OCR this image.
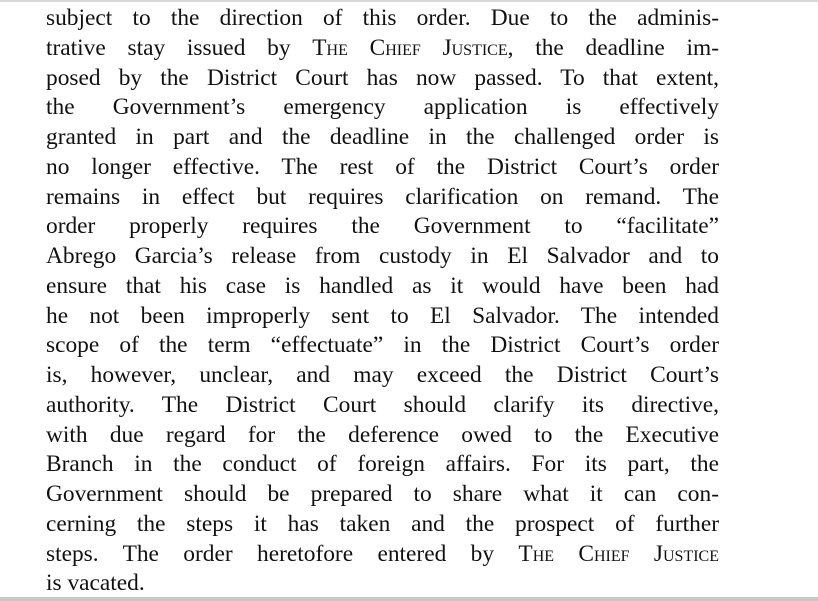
subject to the direction of this order. Due to the adminis-
trative stay issued by The Chief Justice, the deadline im-
posed by the District Court has now passed. To that extent,
the Government’s emergency application is effectively
granted in part and the deadline in the challenged order is
no longer effective. The rest of the District Court’s order
remains in effect but requires clarification on remand. The
order properly requires the Government to “facilitate”
Abrego Garcia’s release from custody in El Salvador and to
ensure that his case is handled as it would have been had
he not been improperly sent to El Salvador. The intended
scope of the term “effectuate” in the District Court’s order
is, however, unclear, and may exceed the District Court’s
authority. The District Court should clarify its directive,
with due regard for the deference owed to the Executive
Branch in the conduct of foreign affairs. For its part, the
Government should be prepared to share what it can con-
cerning the steps it has taken and the prospect of further
steps. The order heretofore entered by The Chief Justice
is vacated.
